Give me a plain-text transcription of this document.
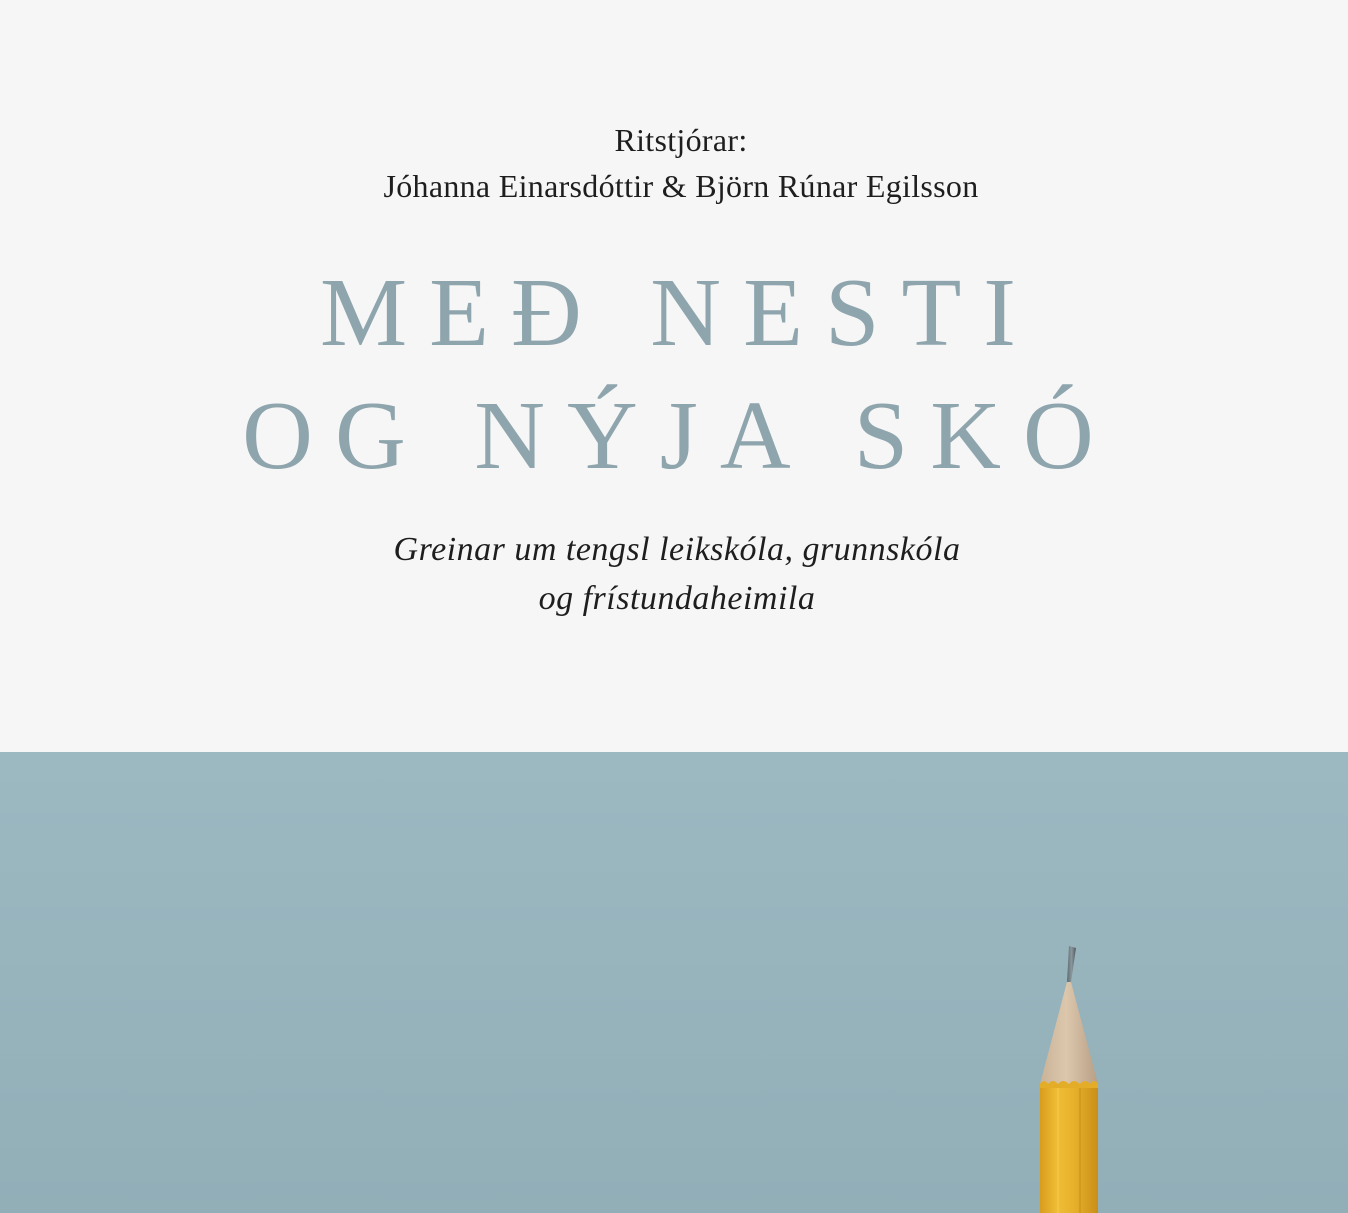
Ritstjórar:
Jóhanna Einarsdóttir & Björn Rúnar Egilsson
MEÐ NESTI
OG NÝJA SKÓ
Greinar um tengsl leikskóla, grunnskóla
og frístundaheimila
